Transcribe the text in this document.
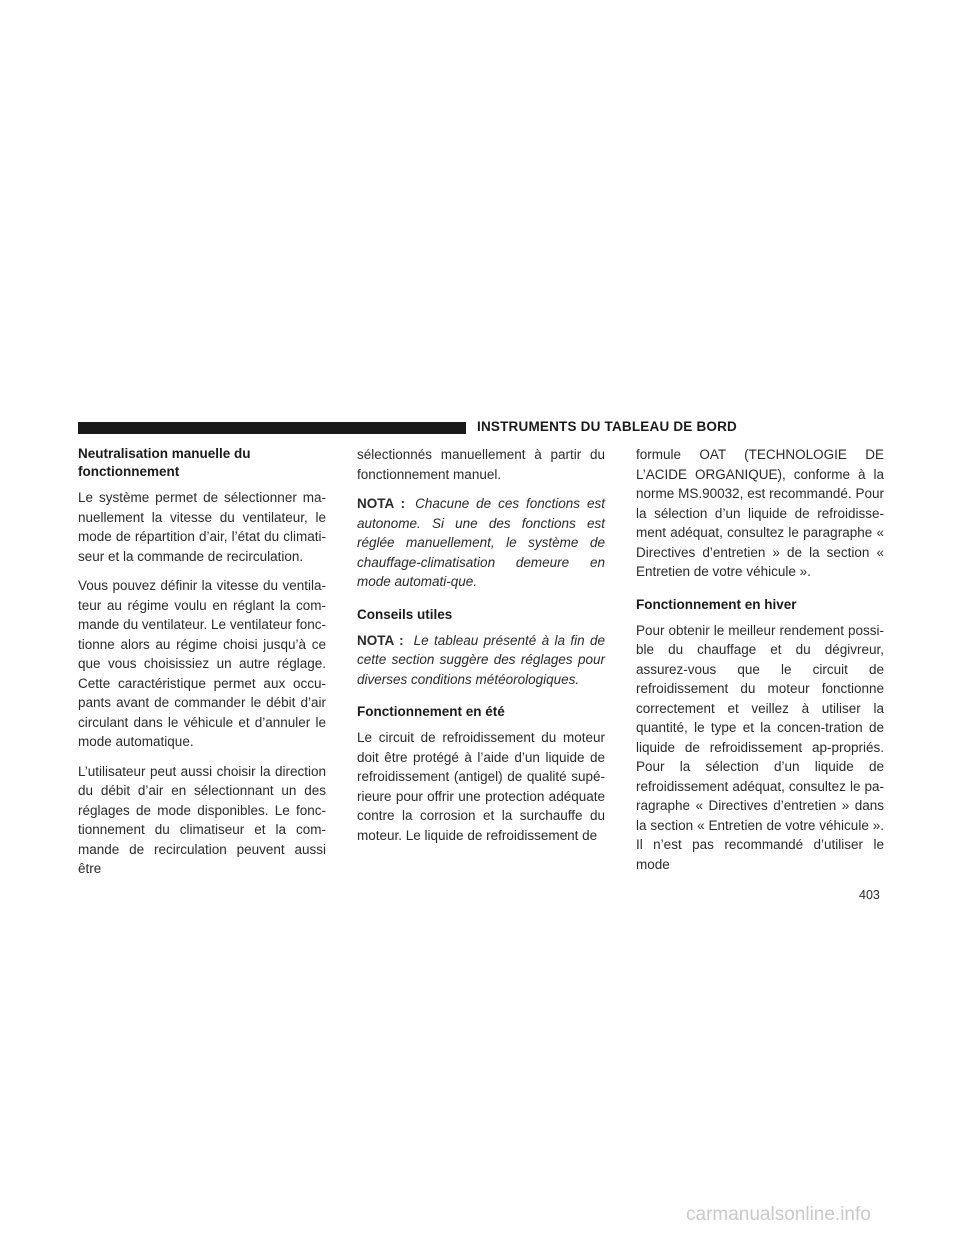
INSTRUMENTS DU TABLEAU DE BORD
Neutralisation manuelle du fonctionnement

Le système permet de sélectionner ma-nuellement la vitesse du ventilateur, le mode de répartition d’air, l’état du climati-seur et la commande de recirculation.

Vous pouvez définir la vitesse du ventila-teur au régime voulu en réglant la com-mande du ventilateur. Le ventilateur fonc-tionne alors au régime choisi jusqu’à ce que vous choisissiez un autre réglage. Cette caractéristique permet aux occu-pants avant de commander le débit d’air circulant dans le véhicule et d’annuler le mode automatique.

L’utilisateur peut aussi choisir la direction du débit d’air en sélectionnant un des réglages de mode disponibles. Le fonc-tionnement du climatiseur et la com-mande de recirculation peuvent aussi être

sélectionnés manuellement à partir du fonctionnement manuel.

NOTA : Chacune de ces fonctions est autonome. Si une des fonctions est réglée manuellement, le système de chauffage-climatisation demeure en mode automati-que.

Conseils utiles

NOTA : Le tableau présenté à la fin de cette section suggère des réglages pour diverses conditions météorologiques.

Fonctionnement en été

Le circuit de refroidissement du moteur doit être protégé à l’aide d’un liquide de refroidissement (antigel) de qualité supé-rieure pour offrir une protection adéquate contre la corrosion et la surchauffe du moteur. Le liquide de refroidissement de

formule OAT (TECHNOLOGIE DE L’ACIDE ORGANIQUE), conforme à la norme MS.90032, est recommandé. Pour la sélection d’un liquide de refroidisse-ment adéquat, consultez le paragraphe « Directives d’entretien » de la section « Entretien de votre véhicule ».

Fonctionnement en hiver

Pour obtenir le meilleur rendement possi-ble du chauffage et du dégivreur, assurez-vous que le circuit de refroidissement du moteur fonctionne correctement et veillez à utiliser la quantité, le type et la concen-tration de liquide de refroidissement ap-propriés. Pour la sélection d’un liquide de refroidissement adéquat, consultez le pa-ragraphe « Directives d’entretien » dans la section « Entretien de votre véhicule ». Il n’est pas recommandé d’utiliser le mode

403
carmanualsonline.info
